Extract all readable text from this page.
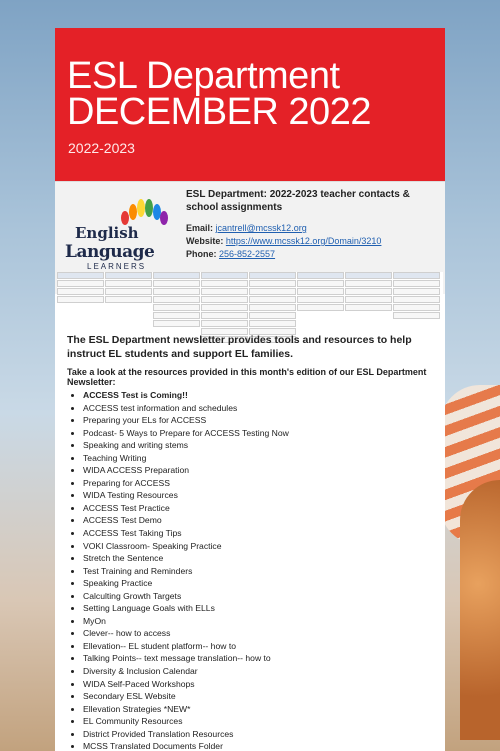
ESL Department
DECEMBER 2022
2022-2023
English
Language
LEARNERS

ESL Department: 2022-2023 teacher contacts & school assignments

Email: jcantrell@mcssk12.org
Website: https://www.mcssk12.org/Domain/3210
Phone: 256-852-2557

The ESL Department newsletter provides tools and resources to help instruct EL students and support EL families.

Take a look at the resources provided in this month's edition of our ESL Department Newsletter:

• ACCESS Test is Coming!!
• ACCESS test information and schedules
• Preparing your ELs for ACCESS
• Podcast- 5 Ways to Prepare for ACCESS Testing Now
• Speaking and writing stems
• Teaching Writing
• WIDA ACCESS Preparation
• Preparing for ACCESS
• WIDA Testing Resources
• ACCESS Test Practice
• ACCESS Test Demo
• ACCESS Test Taking Tips
• VOKI Classroom- Speaking Practice
• Stretch the Sentence
• Test Training and Reminders
• Speaking Practice
• Calculting Growth Targets
• Setting Language Goals with ELLs
• MyOn
• Clever-- how to access
• Ellevation-- EL student platform-- how to
• Talking Points-- text message translation-- how to
• Diversity & Inclusion Calendar
• WIDA Self-Paced Workshops
• Secondary ESL Website
• Ellevation Strategies *NEW*
• EL Community Resources
• District Provided Translation Resources
• MCSS Translated Documents Folder
